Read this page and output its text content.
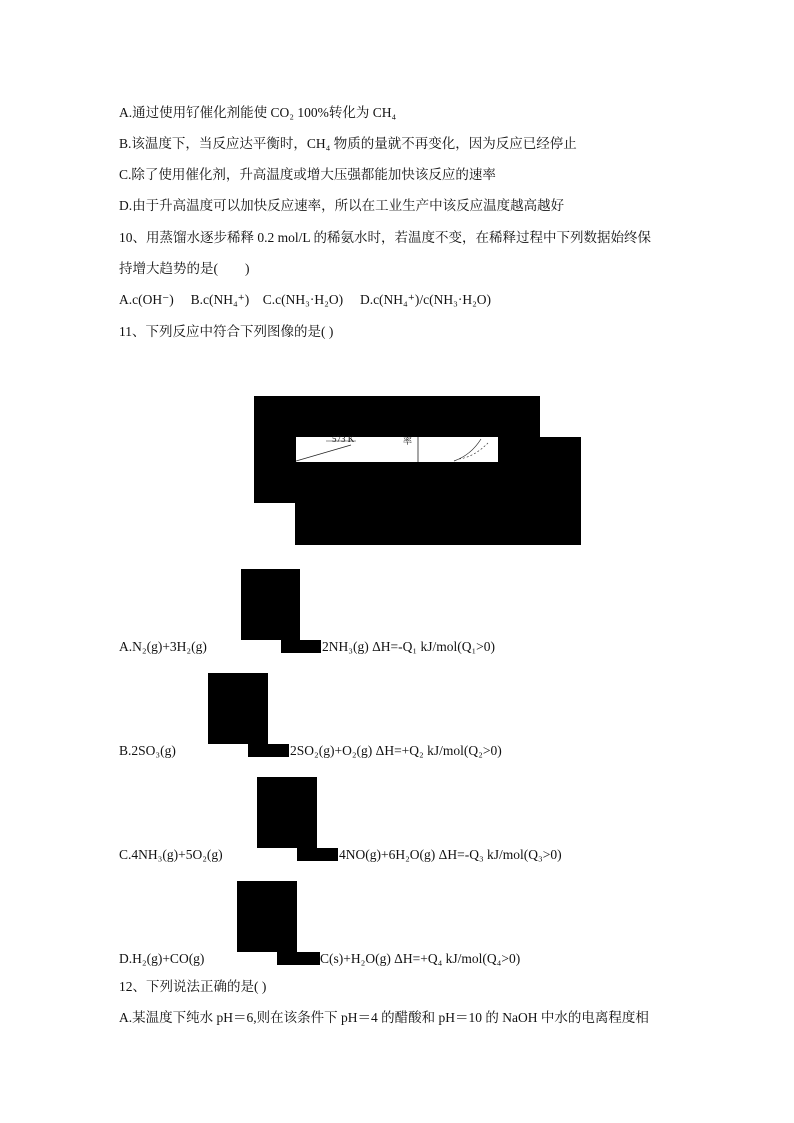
A.通过使用钌催化剂能使 CO₂ 100%转化为 CH₄
B.该温度下，当反应达平衡时，CH₄ 物质的量就不再变化，因为反应已经停止
C.除了使用催化剂，升高温度或增大压强都能加快该反应的速率
D.由于升高温度可以加快反应速率，所以在工业生产中该反应温度越高越好
10、用蒸馏水逐步稀释 0.2 mol/L 的稀氨水时，若温度不变，在稀释过程中下列数据始终保
持增大趋势的是(　　)
A.c(OH⁻)　 B.c(NH₄⁺)　C.c(NH₃·H₂O)　 D.c(NH₄⁺)/c(NH₃·H₂O)
11、下列反应中符合下列图像的是( )
573 K	率
A.N₂(g)+3H₂(g)	2NH₃(g) ΔH=-Q₁ kJ/mol(Q₁>0)
B.2SO₃(g)	2SO₂(g)+O₂(g) ΔH=+Q₂ kJ/mol(Q₂>0)
C.4NH₃(g)+5O₂(g)	4NO(g)+6H₂O(g) ΔH=-Q₃ kJ/mol(Q₃>0)
D.H₂(g)+CO(g)	C(s)+H₂O(g) ΔH=+Q₄ kJ/mol(Q₄>0)
12、下列说法正确的是( )
A.某温度下纯水 pH＝6,则在该条件下 pH＝4 的醋酸和 pH＝10 的 NaOH 中水的电离程度相
